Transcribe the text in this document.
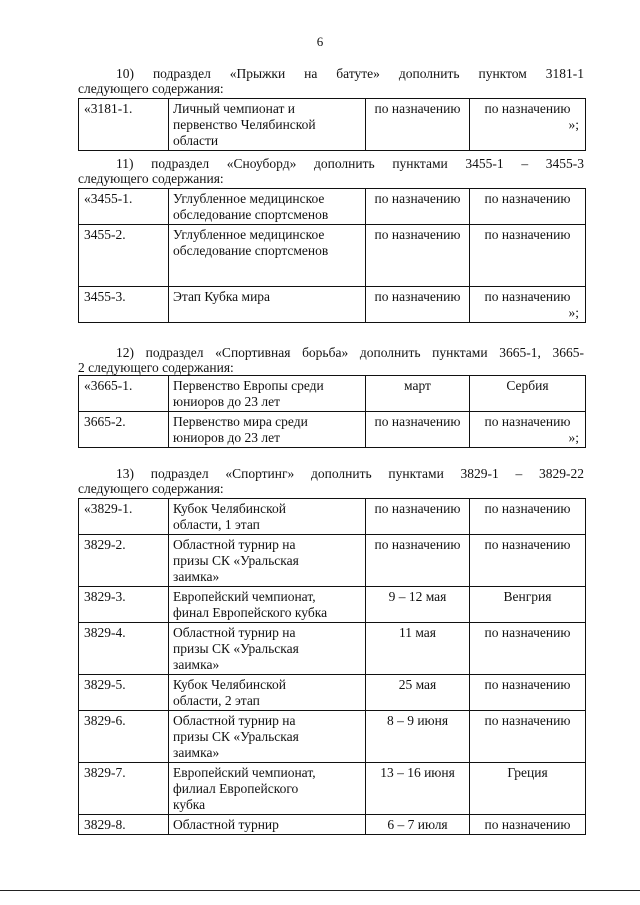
6
10) подраздел «Прыжки на батуте» дополнить пунктом 3181-1
следующего содержания:
«3181-1.	Личный чемпионат и
первенство Челябинской
области
	по назначению	по назначению
»;
11) подраздел «Сноуборд» дополнить пунктами 3455-1 – 3455-3
следующего содержания:
«3455-1.	Углубленное медицинское
обследование спортсменов	по назначению	по назначению
3455-2.	Углубленное медицинское
обследование спортсменов	по назначению	по назначению
3455-3.	Этап Кубка мира	по назначению	по назначению
»;
12) подраздел «Спортивная борьба» дополнить пунктами 3665-1, 3665-
2 следующего содержания:
«3665-1.	Первенство Европы среди
юниоров до 23 лет	март	Сербия
3665-2.	Первенство мира среди
юниоров до 23 лет	по назначению	по назначению
»;
13) подраздел «Спортинг» дополнить пунктами 3829-1 – 3829-22
следующего содержания:
«3829-1.	Кубок Челябинской
области, 1 этап	по назначению	по назначению
3829-2.	Областной турнир на
призы СК «Уральская
заимка»	по назначению	по назначению
3829-3.	Европейский чемпионат,
финал Европейского кубка	9 – 12 мая	Венгрия
3829-4.	Областной турнир на
призы СК «Уральская
заимка»	11 мая	по назначению
3829-5.	Кубок Челябинской
области, 2 этап	25 мая	по назначению
3829-6.	Областной турнир на
призы СК «Уральская
заимка»	8 – 9 июня	по назначению
3829-7.	Европейский чемпионат,
филиал Европейского
кубка	13 – 16 июня	Греция
3829-8.	Областной турнир	6 – 7 июля	по назначению
